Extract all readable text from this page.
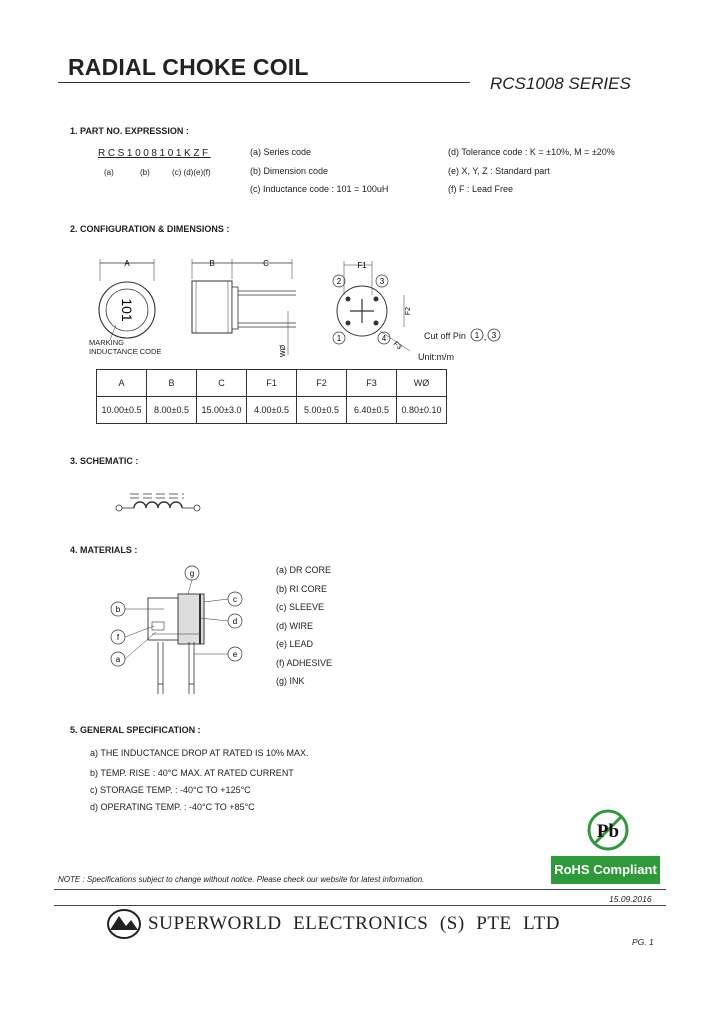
RADIAL CHOKE COIL
RCS1008 SERIES
1. PART NO. EXPRESSION :
RCS1008101KZF
(a)	(b)	(c) (d)(e)(f)
(a) Series code
(b) Dimension code
(c) Inductance code : 101 = 100uH
(d) Tolerance code : K = ±10%, M = ±20%
(e) X, Y, Z : Standard part
(f) F : Lead Free
2. CONFIGURATION & DIMENSIONS :
A
101
MARKING
INDUCTANCE CODE
B	C
WØ
F1
F2
F3
2	3
1	4	Cut off Pin 1 , 3
Unit:m/m
A	B	C	F1	F2	F3	WØ
10.00±0.5	8.00±0.5	15.00±3.0	4.00±0.5	5.00±0.5	6.40±0.5	0.80±0.10
3. SCHEMATIC :
4. MATERIALS :
g
b
f
a
c
d
e
(a) DR CORE
(b) RI CORE
(c) SLEEVE
(d) WIRE
(e) LEAD
(f) ADHESIVE
(g) INK
5. GENERAL SPECIFICATION :
a) THE INDUCTANCE DROP AT RATED IS 10% MAX.
b) TEMP. RISE : 40°C MAX. AT RATED CURRENT
c) STORAGE TEMP. : -40°C TO +125°C
d) OPERATING TEMP. : -40°C TO +85°C
Pb
RoHS Compliant
NOTE : Specifications subject to change without notice. Please check our website for latest information.
15.09.2016
SUPERWORLD ELECTRONICS (S) PTE LTD
PG. 1
